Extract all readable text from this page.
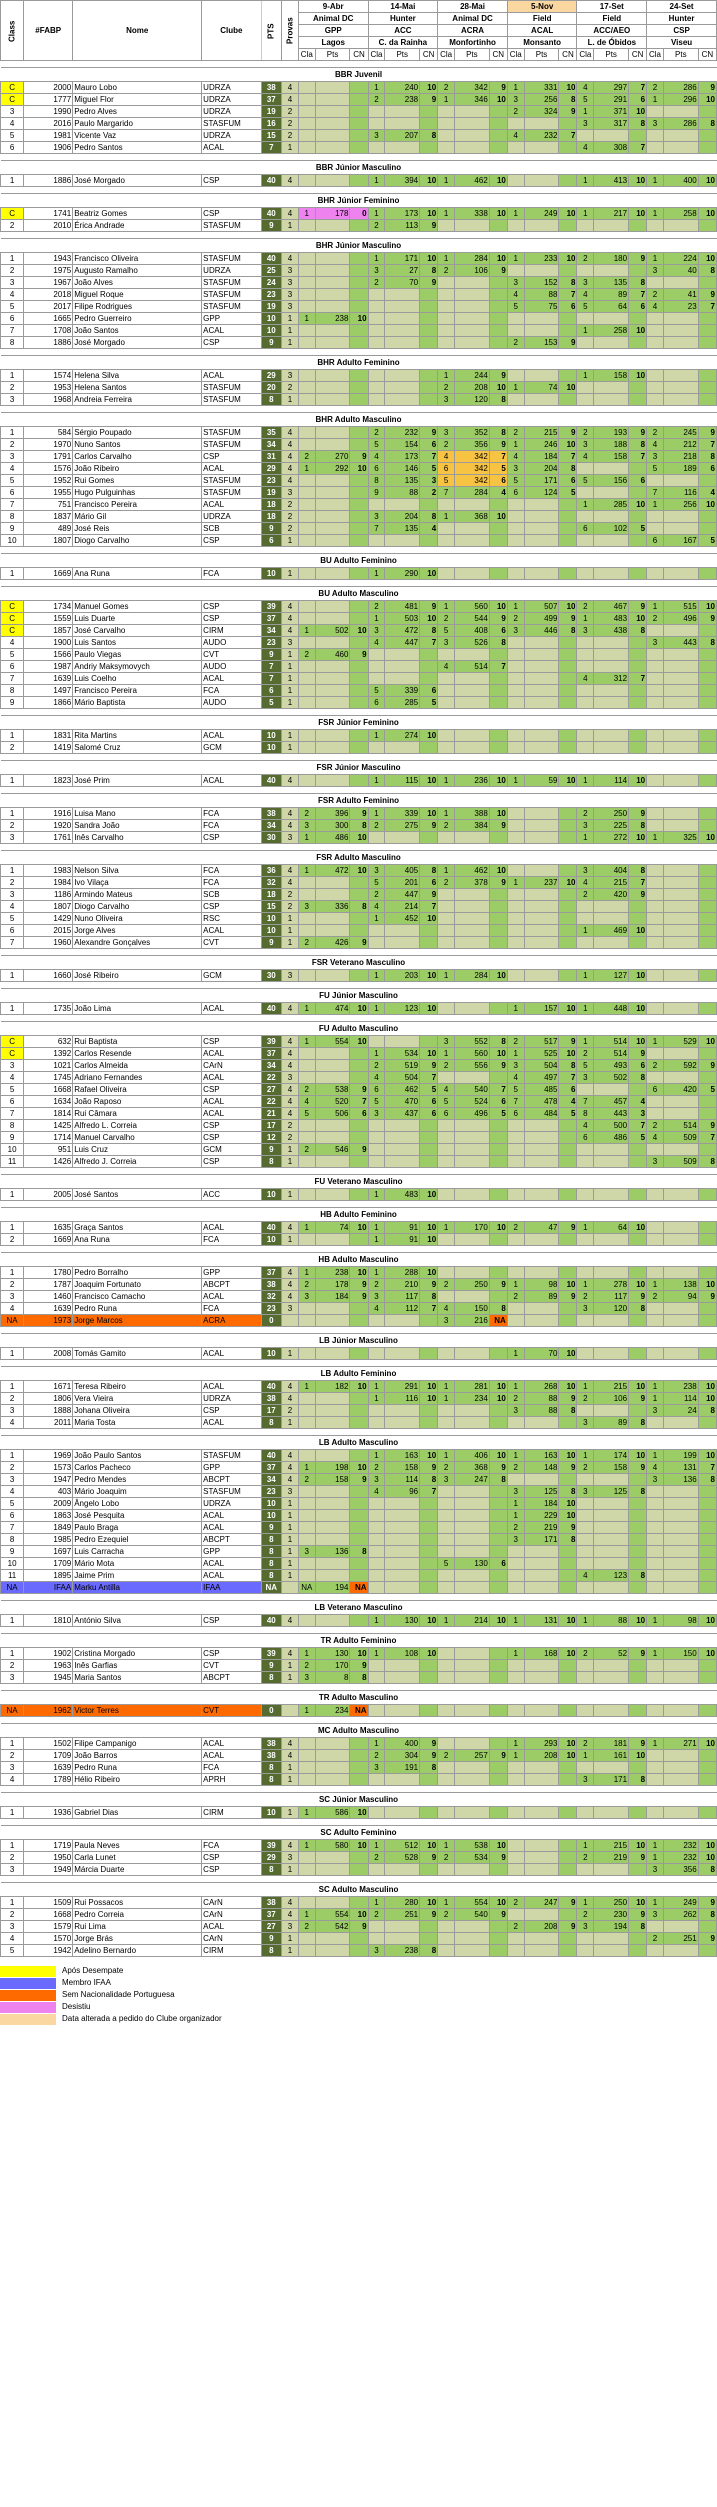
Class	#FABP	Nome	Clube	PTS	Provas	9-Abr			14-Mai			28-Mai			5-Nov			17-Set			24-Set		
						Animal DC			Hunter			Animal DC			Field			Field			Hunter		
						GPP			ACC			ACRA			ACAL			ACC/AEO			CSP		
						Lagos			C. da Rainha			Monfortinho			Monsanto			L. de Óbidos			Viseu		
						Cla	Pts	CN	Cla	Pts	CN	Cla	Pts	CN	Cla	Pts	CN	Cla	Pts	CN	Cla	Pts	CN

BBR Juvenil																							
C	2000	Mauro Lobo	UDRZA	38	4				1	240	10	2	342	9	1	331	10	4	297	7	2	286	9
C	1777	Miguel Flor	UDRZA	37	4				2	238	9	1	346	10	3	256	8	5	291	6	1	296	10
3	1990	Pedro Alves	UDRZA	19	2										2	324	9	1	371	10			
4	2016	Paulo Margarido	STASFUM	16	2													3	317	8	3	286	8
5	1981	Vicente Vaz	UDRZA	15	2				3	207	8				4	232	7						
6	1906	Pedro Santos	ACAL	7	1													4	308	7			

BBR Júnior Masculino																							
1	1886	José Morgado	CSP	40	4				1	394	10	1	462	10				1	413	10	1	400	10

BHR Júnior Feminino																							
C	1741	Beatriz Gomes	CSP	40	4	1	178	0	1	173	10	1	338	10	1	249	10	1	217	10	1	258	10
2	2010	Érica Andrade	STASFUM	9	1				2	113	9												

BHR Júnior Masculino																							
1	1943	Francisco Oliveira	STASFUM	40	4				1	171	10	1	284	10	1	233	10	2	180	9	1	224	10
2	1975	Augusto Ramalho	UDRZA	25	3				3	27	8	2	106	9							3	40	8
3	1967	João Alves	STASFUM	24	3				2	70	9				3	152	8	3	135	8			
4	2018	Miguel Roque	STASFUM	23	3										4	88	7	4	89	7	2	41	9
5	2017	Filipe Rodrigues	STASFUM	19	3										5	75	6	5	64	6	4	23	7
6	1665	Pedro Guerreiro	GPP	10	1	1	238	10															
7	1708	João Santos	ACAL	10	1													1	258	10			
8	1886	José Morgado	CSP	9	1										2	153	9						

BHR Adulto Feminino																							
1	1574	Helena Silva	ACAL	29	3							1	244	9				1	158	10			
2	1953	Helena Santos	STASFUM	20	2							2	208	10	1	74	10						
3	1968	Andreia Ferreira	STASFUM	8	1							3	120	8									

BHR Adulto Masculino																							
1	584	Sérgio Poupado	STASFUM	35	4				2	232	9	3	352	8	2	215	9	2	193	9	2	245	9
2	1970	Nuno Santos	STASFUM	34	4				5	154	6	2	356	9	1	246	10	3	188	8	4	212	7
3	1791	Carlos Carvalho	CSP	31	4	2	270	9	4	173	7	4	342	7	4	184	7	4	158	7	3	218	8
4	1576	João Ribeiro	ACAL	29	4	1	292	10	6	146	5	6	342	5	3	204	8				5	189	6
5	1952	Rui Gomes	STASFUM	23	4				8	135	3	5	342	6	5	171	6	5	156	6			
6	1955	Hugo Pulguinhas	STASFUM	19	3				9	88	2	7	284	4	6	124	5				7	116	4
7	751	Francisco Pereira	ACAL	18	2													1	285	10	1	256	10
8	1837	Mário Gil	UDRZA	18	2				3	204	8	1	368	10									
9	489	José Reis	SCB	9	2				7	135	4							6	102	5			
10	1807	Diogo Carvalho	CSP	6	1																6	167	5

BU Adulto Feminino																							
1	1669	Ana Runa	FCA	10	1				1	290	10												

BU Adulto Masculino																							
C	1734	Manuel Gomes	CSP	39	4				2	481	9	1	560	10	1	507	10	2	467	9	1	515	10
C	1559	Luis Duarte	CSP	37	4				1	503	10	2	544	9	2	499	9	1	483	10	2	496	9
C	1857	José Carvalho	CIRM	34	4	1	502	10	3	472	8	5	408	6	3	446	8	3	438	8			
4	1900	Luis Santos	AUDO	23	3				4	447	7	3	526	8							3	443	8
5	1566	Paulo Viegas	CVT	9	1	2	460	9															
6	1987	Andriy Maksymovych	AUDO	7	1							4	514	7									
7	1639	Luis Coelho	ACAL	7	1													4	312	7			
8	1497	Francisco Pereira	FCA	6	1				5	339	6												
9	1866	Mário Baptista	AUDO	5	1				6	285	5												

FSR Júnior Feminino																							
1	1831	Rita Martins	ACAL	10	1				1	274	10												
2	1419	Salomé Cruz	GCM	10	1																		

FSR Júnior Masculino																							
1	1823	José Prim	ACAL	40	4				1	115	10	1	236	10	1	59	10	1	114	10			

FSR Adulto Feminino																							
1	1916	Luisa Mano	FCA	38	4	2	396	9	1	339	10	1	388	10				2	250	9			
2	1920	Sandra João	FCA	34	4	3	300	8	2	275	9	2	384	9				3	225	8			
3	1761	Inês Carvalho	CSP	30	3	1	486	10										1	272	10	1	325	10

FSR Adulto Masculino																							
1	1983	Nelson Silva	FCA	36	4	1	472	10	3	405	8	1	462	10				3	404	8			
2	1984	Ivo Vilaça	FCA	32	4				5	201	6	2	378	9	1	237	10	4	215	7			
3	1186	Armindo Mateus	SCB	18	2				2	447	9							2	420	9			
4	1807	Diogo Carvalho	CSP	15	2	3	336	8	4	214	7												
5	1429	Nuno Oliveira	RSC	10	1				1	452	10												
6	2015	Jorge Alves	ACAL	10	1													1	469	10			
7	1960	Alexandre Gonçalves	CVT	9	1	2	426	9															

FSR Veterano Masculino																							
1	1660	José Ribeiro	GCM	30	3				1	203	10	1	284	10				1	127	10			

FU Júnior Masculino																							
1	1735	João Lima	ACAL	40	4	1	474	10	1	123	10				1	157	10	1	448	10			

FU Adulto Masculino																							
C	632	Rui Baptista	CSP	39	4	1	554	10				3	552	8	2	517	9	1	514	10	1	529	10
C	1392	Carlos Resende	ACAL	37	4				1	534	10	1	560	10	1	525	10	2	514	9			
3	1021	Carlos Almeida	CArN	34	4				2	519	9	2	556	9	3	504	8	5	493	6	2	592	9
4	1745	Adriano Fernandes	ACAL	22	3				4	504	7				4	497	7	3	502	8			
5	1668	Rafael Oliveira	CSP	27	4	2	538	9	6	462	5	4	540	7	5	485	6				6	420	5
6	1634	João Raposo	ACAL	22	4	4	520	7	5	470	6	5	524	6	7	478	4	7	457	4			
7	1814	Rui Câmara	ACAL	21	4	5	506	6	3	437	6	6	496	5	6	484	5	8	443	3			
8	1425	Alfredo L. Correia	CSP	17	2													4	500	7	2	514	9
9	1714	Manuel Carvalho	CSP	12	2													6	486	5	4	509	7
10	951	Luis Cruz	GCM	9	1	2	546	9															
11	1426	Alfredo J. Correia	CSP	8	1																3	509	8

FU Veterano Masculino																							
1	2005	José Santos	ACC	10	1				1	483	10												

HB Adulto Feminino																							
1	1635	Graça Santos	ACAL	40	4	1	74	10	1	91	10	1	170	10	2	47	9	1	64	10			
2	1669	Ana Runa	FCA	10	1				1	91	10												

HB Adulto Masculino																							
1	1780	Pedro Borralho	GPP	37	4	1	238	10	1	288	10												
2	1787	Joaquim Fortunato	ABCPT	38	4	2	178	9	2	210	9	2	250	9	1	98	10	1	278	10	1	138	10
3	1460	Francisco Camacho	ACAL	32	4	3	184	9	3	117	8				2	89	9	2	117	9	2	94	9
4	1639	Pedro Runa	FCA	23	3				4	112	7	4	150	8				3	120	8			
NA	1973	Jorge Marcos	ACRA	0								3	216	NA									

LB Júnior Masculino																							
1	2008	Tomás Gamito	ACAL	10	1										1	70	10						

LB Adulto Feminino																							
1	1671	Teresa Ribeiro	ACAL	40	4	1	182	10	1	291	10	1	281	10	1	268	10	1	215	10	1	238	10
2	1806	Vera Vieira	UDRZA	38	4				1	116	10	1	234	10	2	88	9	2	106	9	1	114	10
3	1888	Johana Oliveira	CSP	17	2										3	88	8				3	24	8
4	2011	Maria Tosta	ACAL	8	1													3	89	8			

LB Adulto Masculino																							
1	1969	João Paulo Santos	STASFUM	40	4				1	163	10	1	406	10	1	163	10	1	174	10	1	199	10
2	1573	Carlos Pacheco	GPP	37	4	1	198	10	2	158	9	2	368	9	2	148	9	2	158	9	4	131	7
3	1947	Pedro Mendes	ABCPT	34	4	2	158	9	3	114	8	3	247	8							3	136	8
4	403	Mário Joaquim	STASFUM	23	3				4	96	7				3	125	8	3	125	8			
5	2009	Ângelo Lobo	UDRZA	10	1										1	184	10						
6	1863	José Pesquita	ACAL	10	1										1	229	10						
7	1849	Paulo Braga	ACAL	9	1										2	219	9						
8	1985	Pedro Ezequiel	ABCPT	8	1										3	171	8						
9	1697	Luis Carracha	GPP	8	1	3	136	8															
10	1709	Mário Mota	ACAL	8	1							5	130	6									
11	1895	Jaime Prim	ACAL	8	1													4	123	8			
NA	IFAA	Marku Antilla	IFAA	NA		NA	194	NA															

LB Veterano Masculino																							
1	1810	António Silva	CSP	40	4				1	130	10	1	214	10	1	131	10	1	88	10	1	98	10

TR Adulto Feminino																							
1	1902	Cristina Morgado	CSP	39	4	1	130	10	1	108	10				1	168	10	2	52	9	1	150	10
2	1963	Inês Garfias	CVT	9	1	2	170	9															
3	1945	Maria Santos	ABCPT	8	1	3	8	8															

TR Adulto Masculino																							
NA	1962	Victor Terres	CVT	0		1	234	NA															

MC Adulto Masculino																							
1	1502	Filipe Campanigo	ACAL	38	4				1	400	9				1	293	10	2	181	9	1	271	10
2	1709	João Barros	ACAL	38	4				2	304	9	2	257	9	1	208	10	1	161	10			
3	1639	Pedro Runa	FCA	8	1				3	191	8												
4	1789	Hélio Ribeiro	APRH	8	1													3	171	8			

SC Júnior Masculino																							
1	1936	Gabriel Dias	CIRM	10	1	1	586	10															

SC Adulto Feminino																							
1	1719	Paula Neves	FCA	39	4	1	580	10	1	512	10	1	538	10				1	215	10	1	232	10
2	1950	Carla Lunet	CSP	29	3				2	528	9	2	534	9				2	219	9	1	232	10
3	1949	Márcia Duarte	CSP	8	1																3	356	8

SC Adulto Masculino																							
1	1509	Rui Possacos	CArN	38	4				1	280	10	1	554	10	2	247	9	1	250	10	1	249	9
2	1668	Pedro Correia	CArN	37	4	1	554	10	2	251	9	2	540	9				2	230	9	3	262	8
3	1579	Rui Lima	ACAL	27	3	2	542	9							2	208	9	3	194	8			
4	1570	Jorge Brás	CArN	9	1																2	251	9
5	1942	Adelino Bernardo	CIRM	8	1				3	238	8												
Após Desempate
Membro IFAA
Sem Nacionalidade Portuguesa
Desistiu
Data alterada a pedido do Clube organizador
